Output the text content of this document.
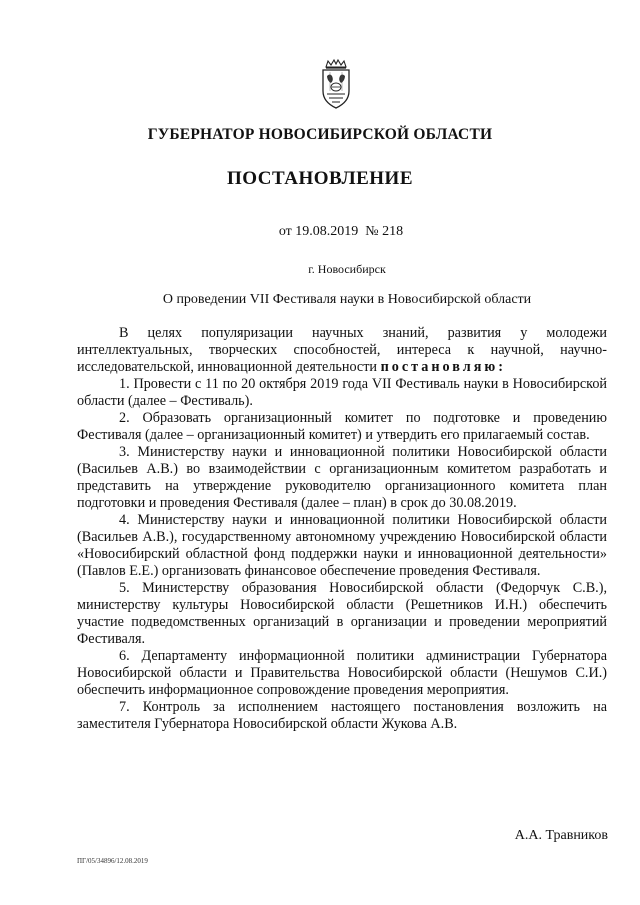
ГУБЕРНАТОР НОВОСИБИРСКОЙ ОБЛАСТИ
ПОСТАНОВЛЕНИЕ
от 19.08.2019  № 218
г. Новосибирск
О проведении VII Фестиваля науки в Новосибирской области

В целях популяризации научных знаний, развития у молодежи интеллектуальных, творческих способностей, интереса к научной, научно-исследовательской, инновационной деятельности постановляю:

1. Провести с 11 по 20 октября 2019 года VII Фестиваль науки в Новосибирской области (далее – Фестиваль).

2. Образовать организационный комитет по подготовке и проведению Фестиваля (далее – организационный комитет) и утвердить его прилагаемый состав.

3. Министерству науки и инновационной политики Новосибирской области (Васильев А.В.) во взаимодействии с организационным комитетом разработать и представить на утверждение руководителю организационного комитета план подготовки и проведения Фестиваля (далее – план) в срок до 30.08.2019.

4. Министерству науки и инновационной политики Новосибирской области (Васильев А.В.), государственному автономному учреждению Новосибирской области «Новосибирский областной фонд поддержки науки и инновационной деятельности» (Павлов Е.Е.) организовать финансовое обеспечение проведения Фестиваля.

5. Министерству образования Новосибирской области (Федорчук С.В.), министерству культуры Новосибирской области (Решетников И.Н.) обеспечить участие подведомственных организаций в организации и проведении мероприятий Фестиваля.

6. Департаменту информационной политики администрации Губернатора Новосибирской области и Правительства Новосибирской области (Нешумов С.И.) обеспечить информационное сопровождение проведения мероприятия.

7. Контроль за исполнением настоящего постановления возложить на заместителя Губернатора Новосибирской области Жукова А.В.

А.А. Травников
ПГ/05/34896/12.08.2019
